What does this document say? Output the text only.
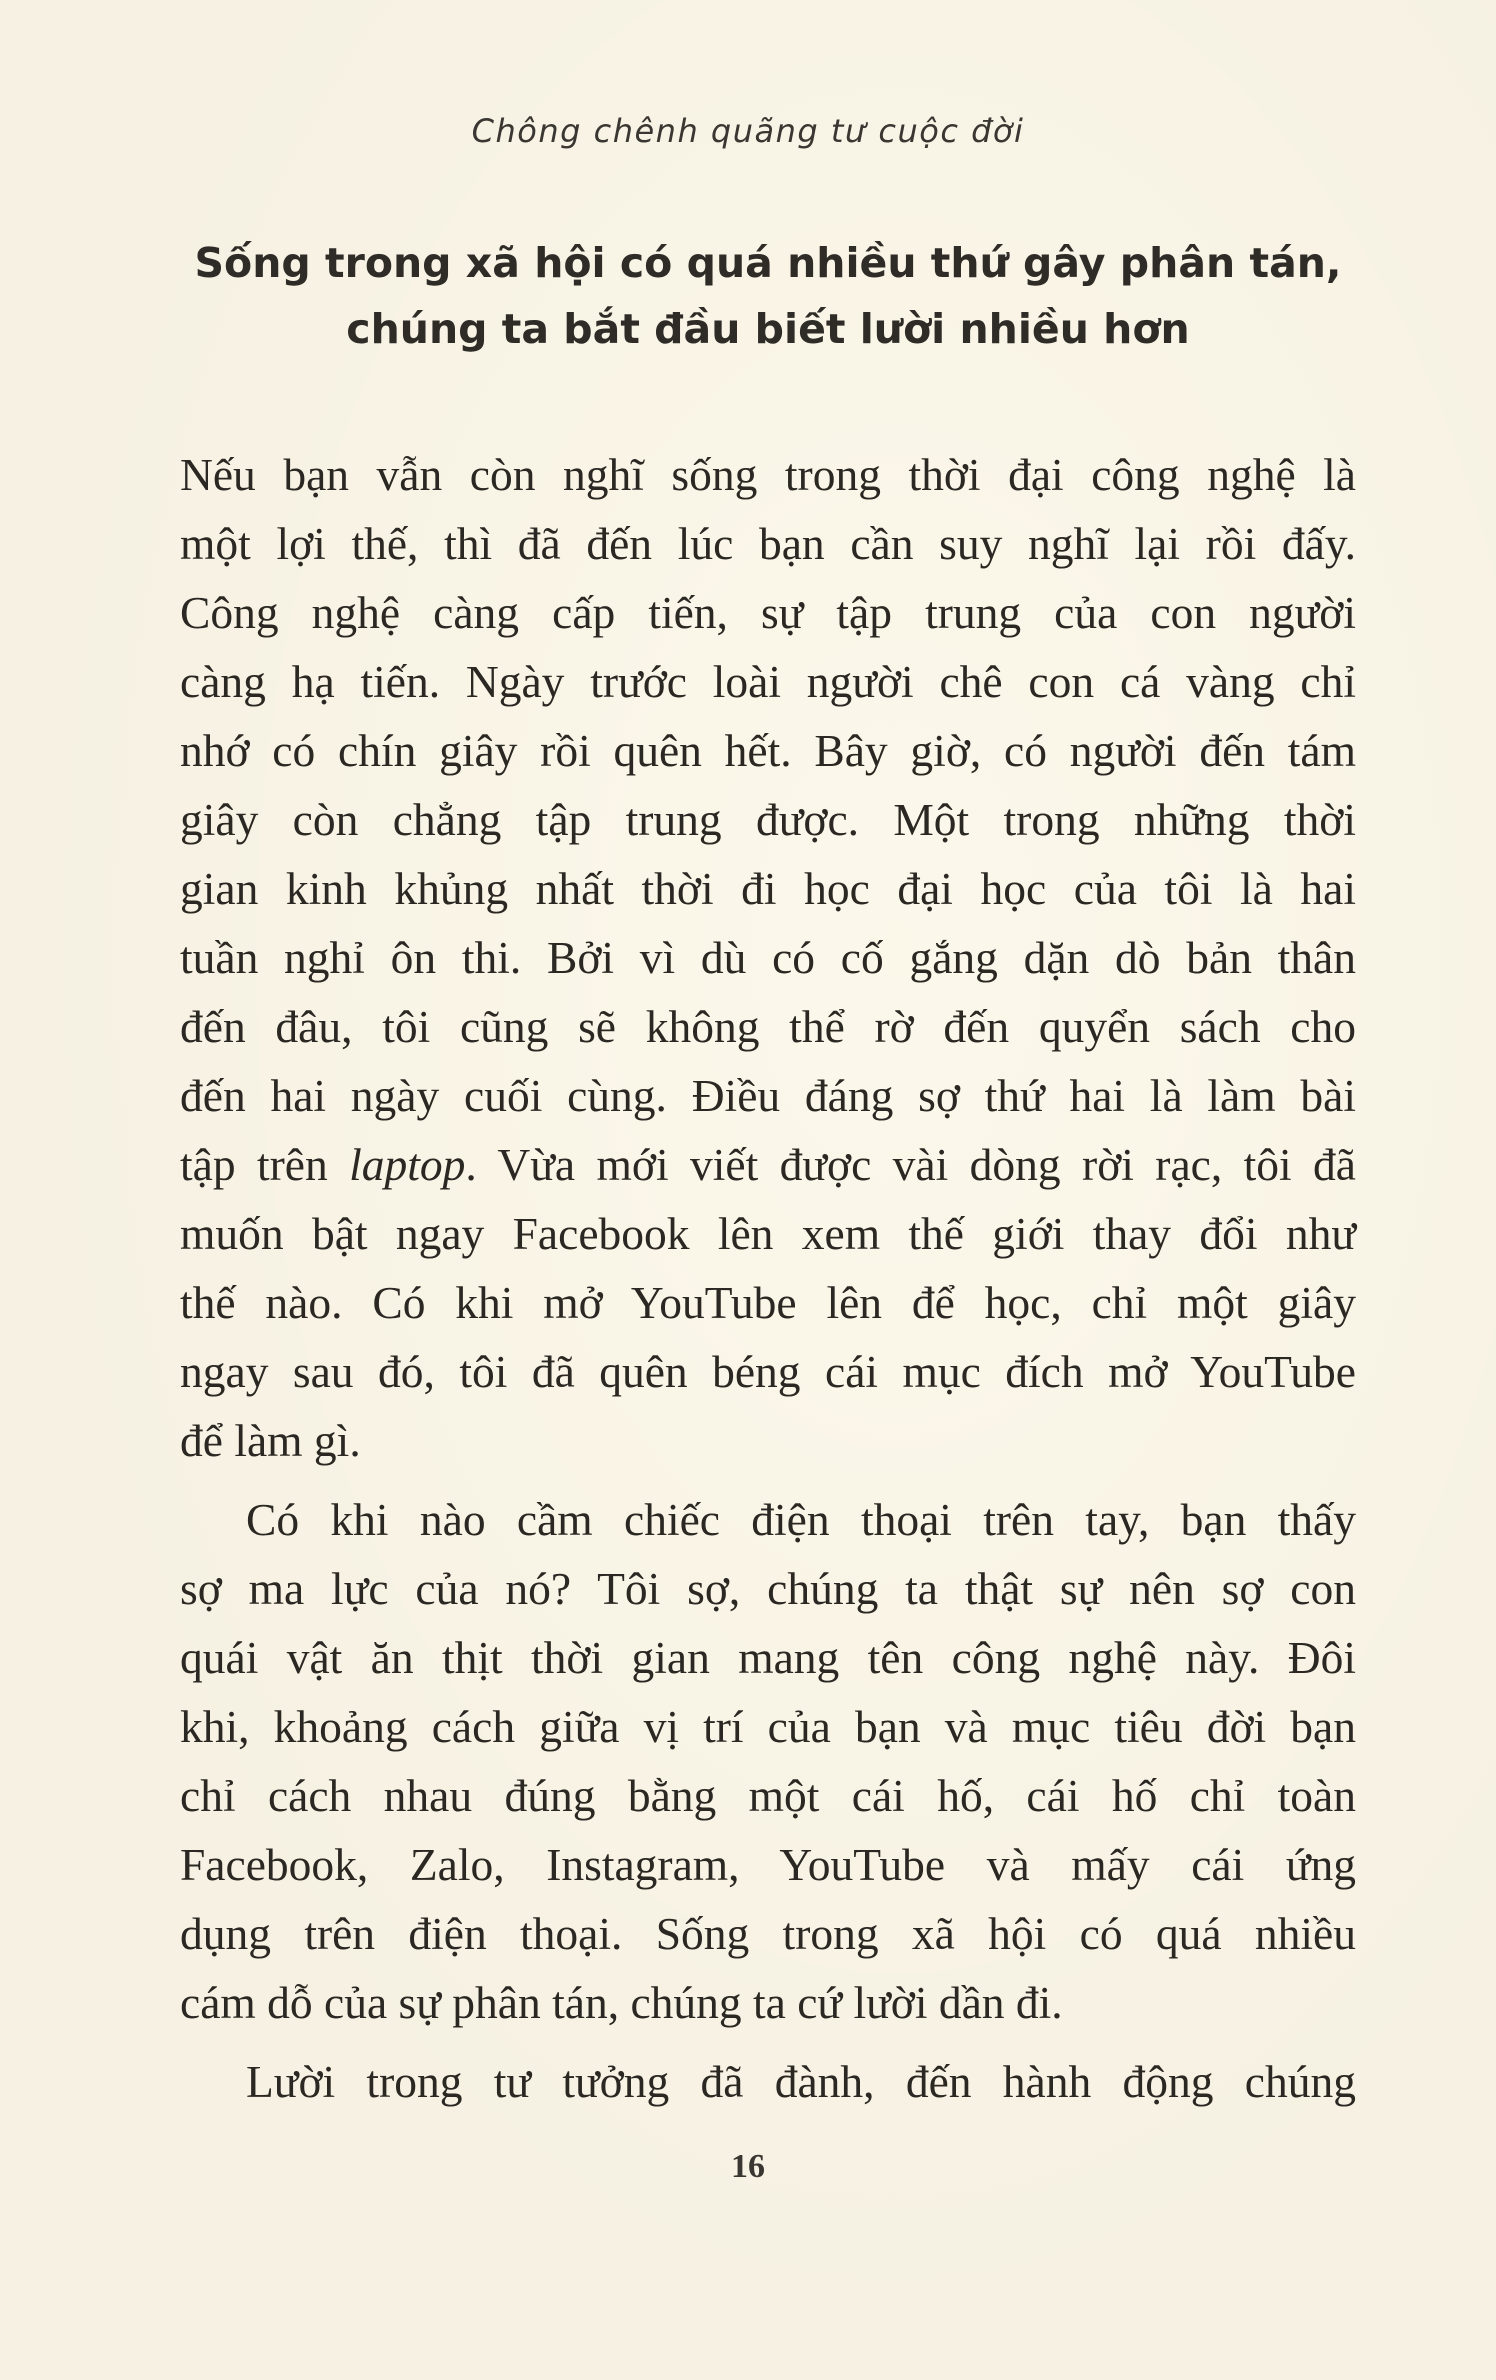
Chông chênh quãng tư cuộc đời
Sống trong xã hội có quá nhiều thứ gây phân tán,
chúng ta bắt đầu biết lười nhiều hơn
Nếu bạn vẫn còn nghĩ sống trong thời đại công nghệ là
một lợi thế, thì đã đến lúc bạn cần suy nghĩ lại rồi đấy.
Công nghệ càng cấp tiến, sự tập trung của con người
càng hạ tiến. Ngày trước loài người chê con cá vàng chỉ
nhớ có chín giây rồi quên hết. Bây giờ, có người đến tám
giây còn chẳng tập trung được. Một trong những thời
gian kinh khủng nhất thời đi học đại học của tôi là hai
tuần nghỉ ôn thi. Bởi vì dù có cố gắng dặn dò bản thân
đến đâu, tôi cũng sẽ không thể rờ đến quyển sách cho
đến hai ngày cuối cùng. Điều đáng sợ thứ hai là làm bài
tập trên laptop. Vừa mới viết được vài dòng rời rạc, tôi đã
muốn bật ngay Facebook lên xem thế giới thay đổi như
thế nào. Có khi mở YouTube lên để học, chỉ một giây
ngay sau đó, tôi đã quên béng cái mục đích mở YouTube
để làm gì.
Có khi nào cầm chiếc điện thoại trên tay, bạn thấy
sợ ma lực của nó? Tôi sợ, chúng ta thật sự nên sợ con
quái vật ăn thịt thời gian mang tên công nghệ này. Đôi
khi, khoảng cách giữa vị trí của bạn và mục tiêu đời bạn
chỉ cách nhau đúng bằng một cái hố, cái hố chỉ toàn
Facebook, Zalo, Instagram, YouTube và mấy cái ứng
dụng trên điện thoại. Sống trong xã hội có quá nhiều
cám dỗ của sự phân tán, chúng ta cứ lười dần đi.
Lười trong tư tưởng đã đành, đến hành động chúng
16
